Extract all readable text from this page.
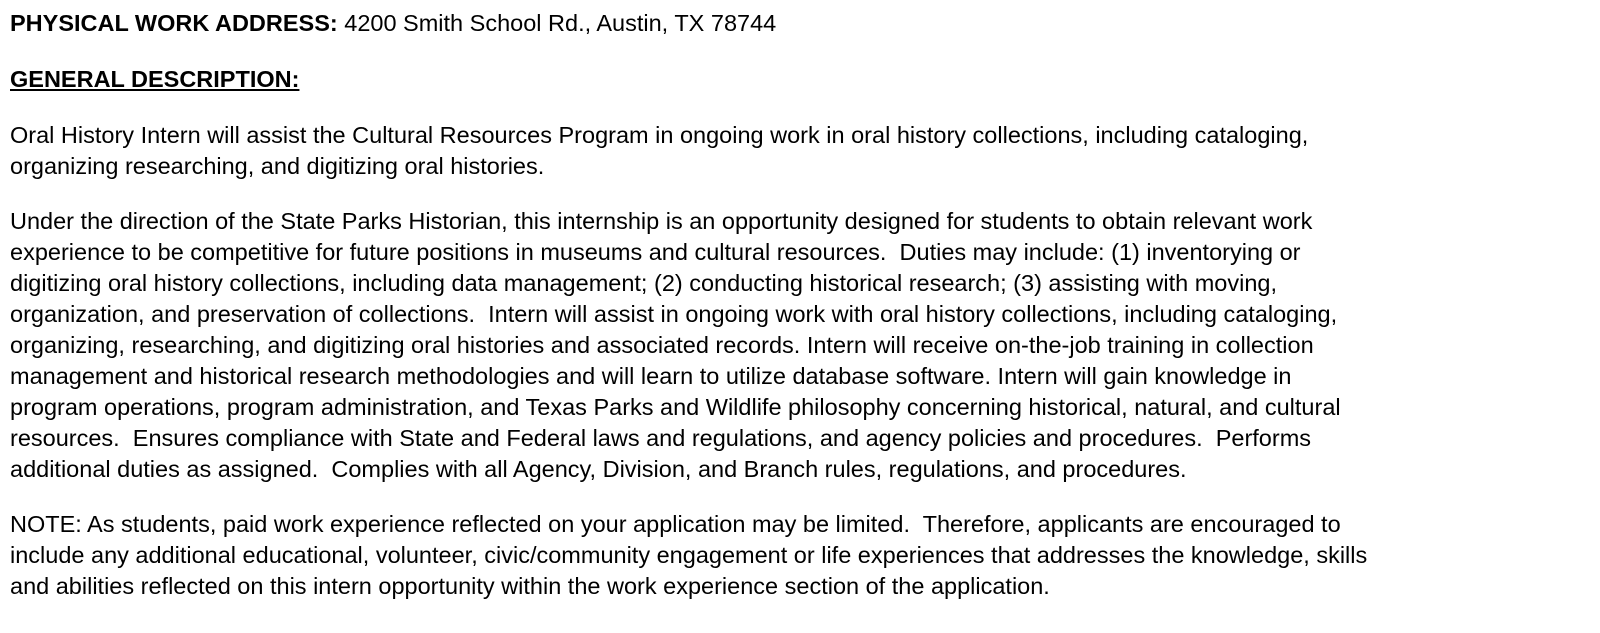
PHYSICAL WORK ADDRESS: 4200 Smith School Rd., Austin, TX 78744

GENERAL DESCRIPTION:

Oral History Intern will assist the Cultural Resources Program in ongoing work in oral history collections, including cataloging,
organizing researching, and digitizing oral histories.

Under the direction of the State Parks Historian, this internship is an opportunity designed for students to obtain relevant work
experience to be competitive for future positions in museums and cultural resources.  Duties may include: (1) inventorying or
digitizing oral history collections, including data management; (2) conducting historical research; (3) assisting with moving,
organization, and preservation of collections.  Intern will assist in ongoing work with oral history collections, including cataloging,
organizing, researching, and digitizing oral histories and associated records. Intern will receive on-the-job training in collection
management and historical research methodologies and will learn to utilize database software. Intern will gain knowledge in
program operations, program administration, and Texas Parks and Wildlife philosophy concerning historical, natural, and cultural
resources.  Ensures compliance with State and Federal laws and regulations, and agency policies and procedures.  Performs
additional duties as assigned.  Complies with all Agency, Division, and Branch rules, regulations, and procedures.

NOTE: As students, paid work experience reflected on your application may be limited.  Therefore, applicants are encouraged to
include any additional educational, volunteer, civic/community engagement or life experiences that addresses the knowledge, skills
and abilities reflected on this intern opportunity within the work experience section of the application.
